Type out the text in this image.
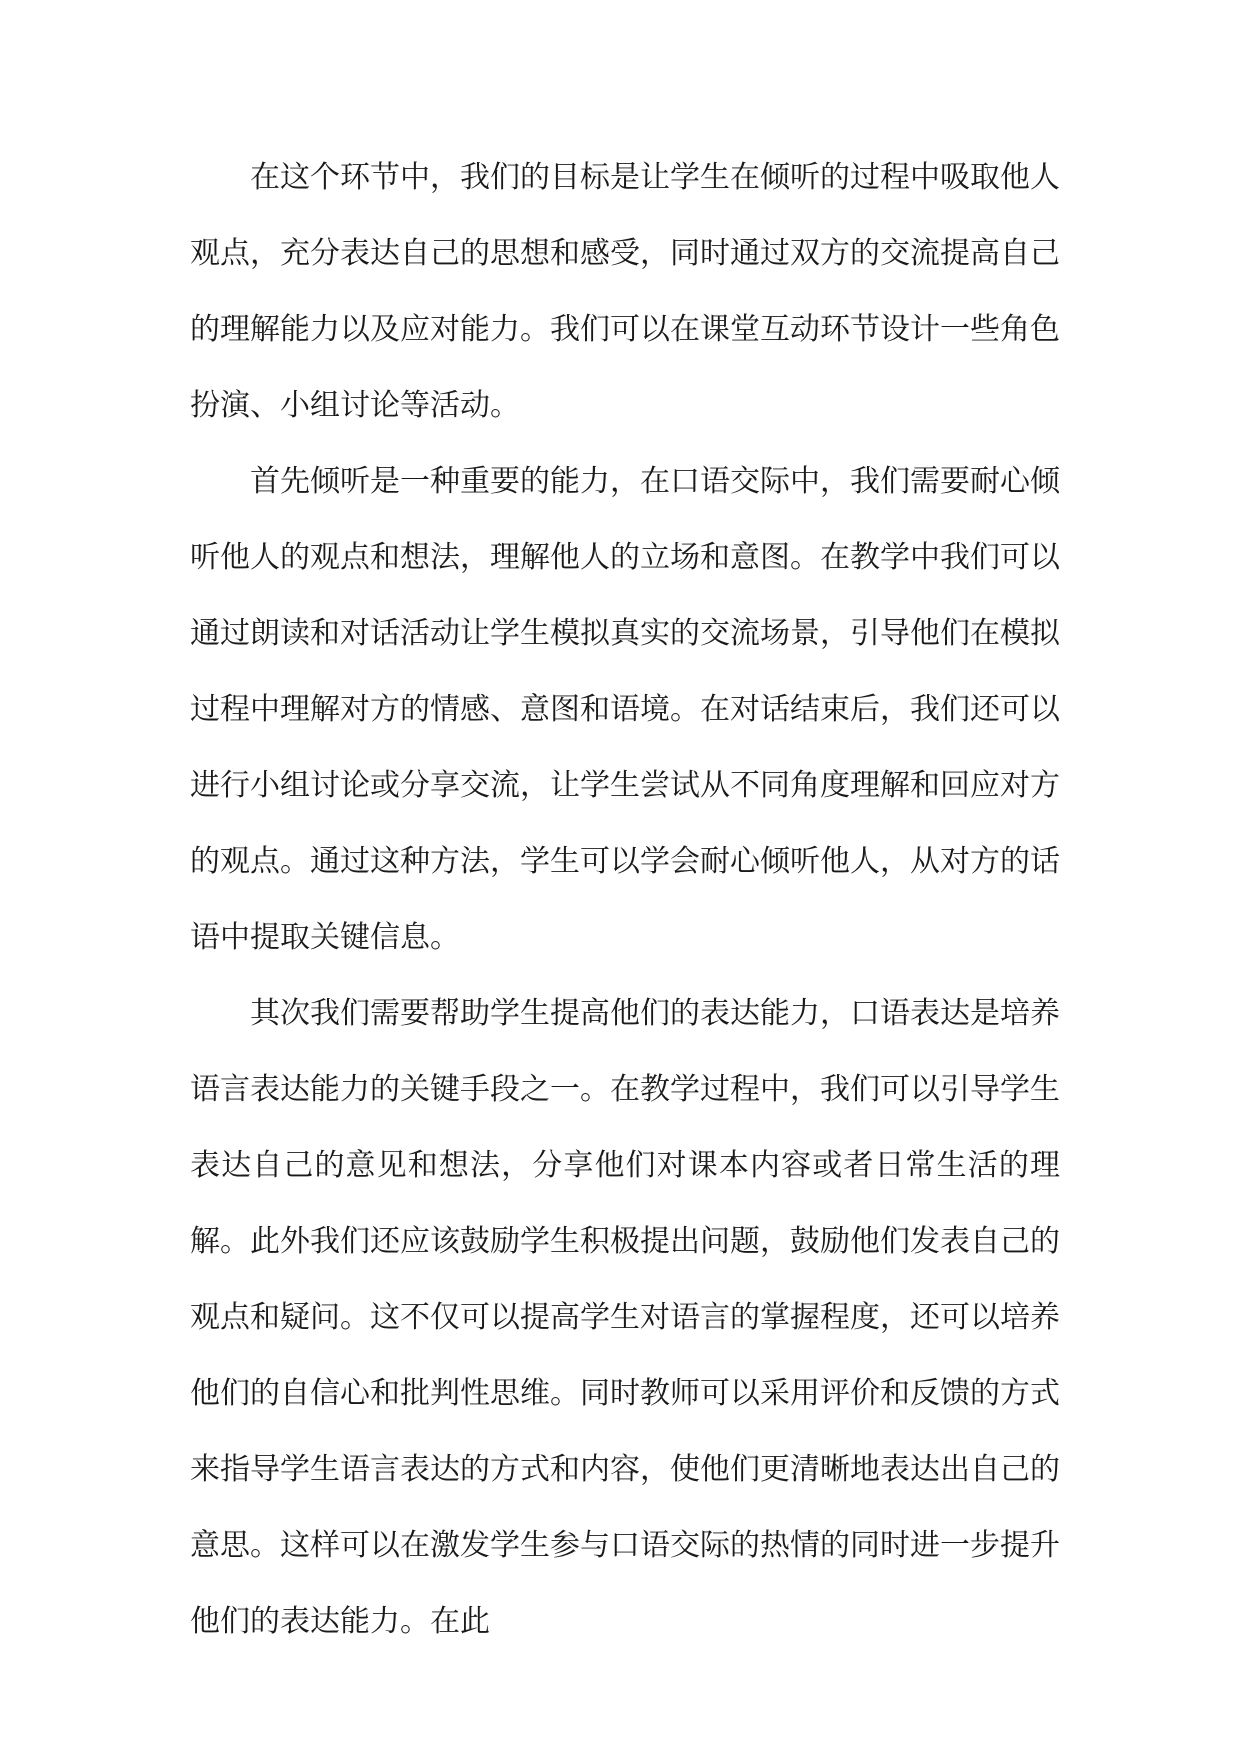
在这个环节中，我们的目标是让学生在倾听的过程中吸取他人观点，充分表达自己的思想和感受，同时通过双方的交流提高自己的理解能力以及应对能力。我们可以在课堂互动环节设计一些角色扮演、小组讨论等活动。

首先倾听是一种重要的能力，在口语交际中，我们需要耐心倾听他人的观点和想法，理解他人的立场和意图。在教学中我们可以通过朗读和对话活动让学生模拟真实的交流场景，引导他们在模拟过程中理解对方的情感、意图和语境。在对话结束后，我们还可以进行小组讨论或分享交流，让学生尝试从不同角度理解和回应对方的观点。通过这种方法，学生可以学会耐心倾听他人，从对方的话语中提取关键信息。

其次我们需要帮助学生提高他们的表达能力，口语表达是培养语言表达能力的关键手段之一。在教学过程中，我们可以引导学生表达自己的意见和想法，分享他们对课本内容或者日常生活的理解。此外我们还应该鼓励学生积极提出问题，鼓励他们发表自己的观点和疑问。这不仅可以提高学生对语言的掌握程度，还可以培养他们的自信心和批判性思维。同时教师可以采用评价和反馈的方式来指导学生语言表达的方式和内容，使他们更清晰地表达出自己的意思。这样可以在激发学生参与口语交际的热情的同时进一步提升他们的表达能力。在此
